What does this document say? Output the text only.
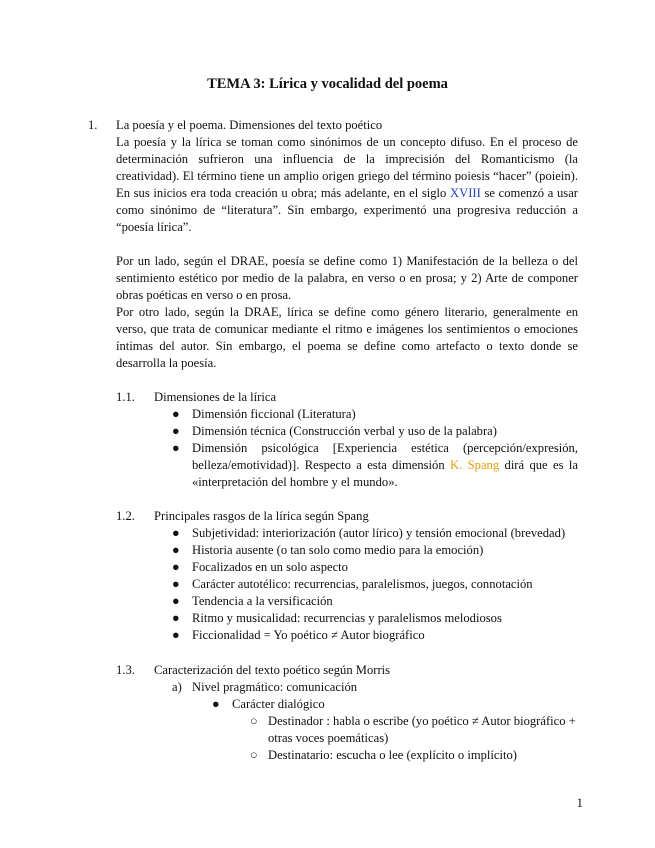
TEMA 3: Lírica y vocalidad del poema
1. La poesía y el poema. Dimensiones del texto poético
La poesía y la lírica se toman como sinónimos de un concepto difuso. En el proceso de determinación sufrieron una influencia de la imprecisión del Romanticismo (la creatividad). El término tiene un amplio origen griego del término poiesis “hacer” (poiein). En sus inicios era toda creación u obra; más adelante, en el siglo XVIII se comenzó a usar como sinónimo de “literatura”. Sin embargo, experimentó una progresiva reducción a “poesía lírica”.
Por un lado, según el DRAE, poesía se define como 1) Manifestación de la belleza o del sentimiento estético por medio de la palabra, en verso o en prosa; y 2) Arte de componer obras poéticas en verso o en prosa.
Por otro lado, según la DRAE, lírica se define como género literario, generalmente en verso, que trata de comunicar mediante el ritmo e imágenes los sentimientos o emociones íntimas del autor. Sin embargo, el poema se define como artefacto o texto donde se desarrolla la poesía.
1.1. Dimensiones de la lírica
● Dimensión ficcional (Literatura)
● Dimensión técnica (Construcción verbal y uso de la palabra)
● Dimensión psicológica [Experiencia estética (percepción/expresión, belleza/emotividad)]. Respecto a esta dimensión K. Spang dirá que es la «interpretación del hombre y el mundo».
1.2. Principales rasgos de la lírica según Spang
● Subjetividad: interiorización (autor lírico) y tensión emocional (brevedad)
● Historia ausente (o tan solo como medio para la emoción)
● Focalizados en un solo aspecto
● Carácter autotélico: recurrencias, paralelismos, juegos, connotación
● Tendencia a la versificación
● Ritmo y musicalidad: recurrencias y paralelismos melodiosos
● Ficcionalidad = Yo poético ≠ Autor biográfico
1.3. Caracterización del texto poético según Morris
a) Nivel pragmático: comunicación
● Carácter dialógico
○ Destinador : habla o escribe (yo poético ≠ Autor biográfico + otras voces poemáticas)
○ Destinatario: escucha o lee (explícito o implícito)
1
